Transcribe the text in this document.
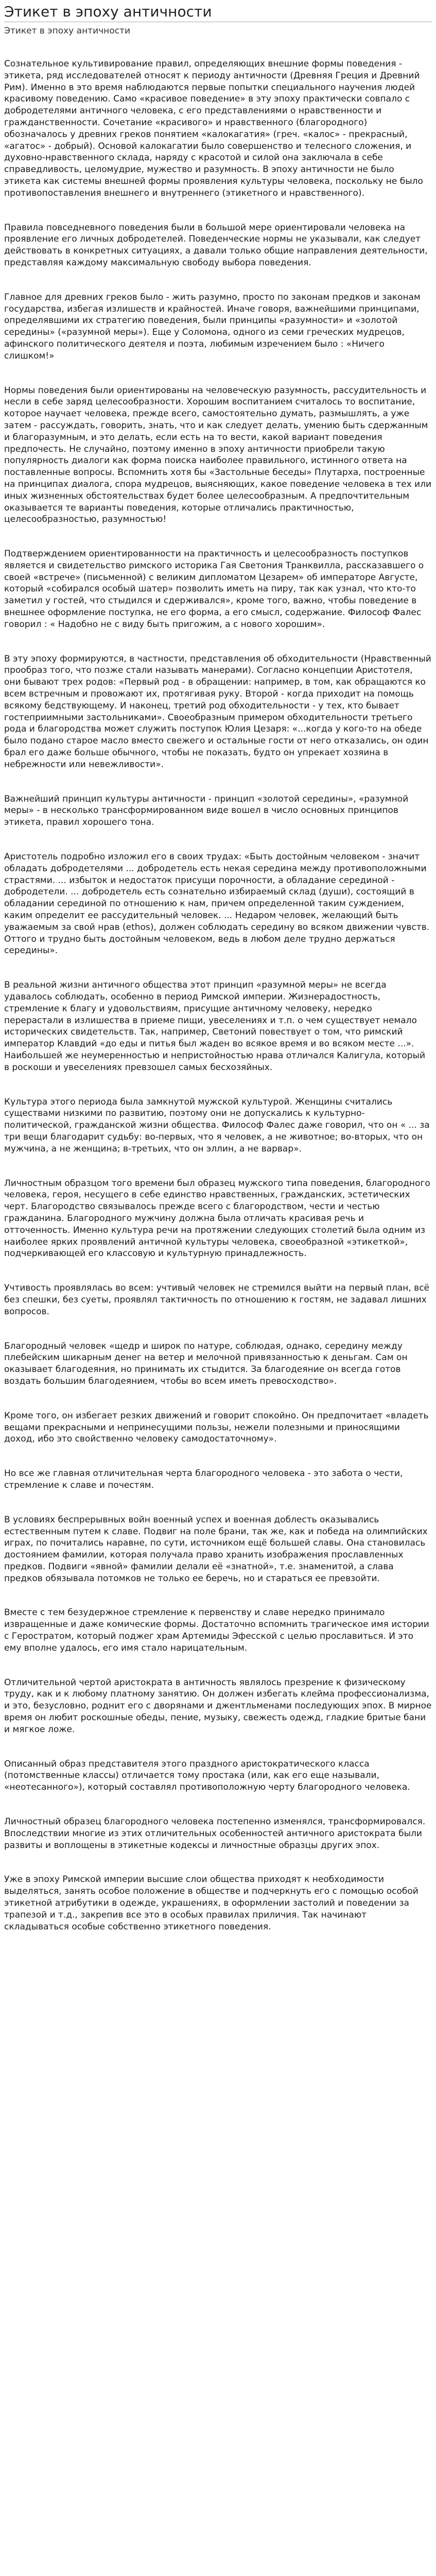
Этикет в эпоху античности
Этикет в эпоху античности

Сознательное культивирование правил, определяющих внешние формы поведения - этикета, ряд исследователей относят к периоду античности (Древняя Греция и Древний Рим). Именно в это время наблюдаются первые попытки специального научения людей красивому поведению. Само «красивое поведение» в эту эпоху практически совпало с добродетелями античного человека, с его представлениями о нравственности и гражданственности. Сочетание «красивого» и нравственного (благородного) обозначалось у древних греков понятием «калокагатия» (греч. «калос» - прекрасный, «агатос» - добрый). Основой калокагатии было совершенство и телесного сложения, и духовно-нравственного склада, наряду с красотой и силой она заключала в себе справедливость, целомудрие, мужество и разумность. В эпоху античности не было этикета как системы внешней формы проявления культуры человека, поскольку не было противопоставления внешнего и внутреннего (этикетного и нравственного).

Правила повседневного поведения были в большой мере ориентировали человека на проявление его личных добродетелей. Поведенческие нормы не указывали, как следует действовать в конкретных ситуациях, а давали только общие направления деятельности, представляя каждому максимальную свободу выбора поведения.

Главное для древних греков было - жить разумно, просто по законам предков и законам государства, избегая излишеств и крайностей. Иначе говоря, важнейшими принципами, определявшими их стратегию поведения, были принципы «разумности» и «золотой середины» («разумной меры»). Еще у Соломона, одного из семи греческих мудрецов, афинского политического деятеля и поэта, любимым изречением было : «Ничего слишком!»

Нормы поведения были ориентированы на человеческую разумность, рассудительность и несли в себе заряд целесообразности. Хорошим воспитанием считалось то воспитание, которое научает человека, прежде всего, самостоятельно думать, размышлять, а уже затем - рассуждать, говорить, знать, что и как следует делать, умению быть сдержанным и благоразумным, и это делать, если есть на то вести, какой вариант поведения предпочесть. Не случайно, поэтому именно в эпоху античности приобрели такую популярность диалоги как форма поиска наиболее правильного, истинного ответа на поставленные вопросы. Вспомнить хотя бы «Застольные беседы» Плутарха, построенные на принципах диалога, спора мудрецов, выясняющих, какое поведение человека в тех или иных жизненных обстоятельствах будет более целесообразным. А предпочтительным оказывается те варианты поведения, которые отличались практичностью, целесообразностью, разумностью!

Подтверждением ориентированности на практичность и целесообразность поступков является и свидетельство римского историка Гая Светония Транквилла, рассказавшего о своей «встрече» (письменной) с великим дипломатом Цезарем» об императоре Августе, который «собирался особый шатер» позволить иметь на пиру, так как узнал, что кто-то заметил у гостей, что стыдился и сдерживался», кроме того, важно, чтобы поведение в внешнее оформление поступка, не его форма, а его смысл, содержание. Философ Фалес говорил : « Надобно не с виду быть пригожим, а с нового хорошим».

В эту эпоху формируются, в частности, представления об обходительности (Нравственный прообраз того, что позже стали называть манерами). Согласно концепции Аристотеля, они бывают трех родов: «Первый род - в обращении: например, в том, как обращаются ко всем встречным и провожают их, протягивая руку. Второй - когда приходит на помощь всякому бедствующему. И наконец, третий род обходительности - у тех, кто бывает гостеприимными застольниками». Своеобразным примером обходительности третьего рода и благородства может служить поступок Юлия Цезаря: «...когда у кого-то на обеде было подано старое масло вместо свежего и остальные гости от него отказались, он один брал его даже больше обычного, чтобы не показать, будто он упрекает хозяина в небрежности или невежливости».

Важнейший принцип культуры античности - принцип «золотой середины», «разумной меры» - в несколько трансформированном виде вошел в число основных принципов этикета, правил хорошего тона.

Аристотель подробно изложил его в своих трудах: «Быть достойным человеком - значит обладать добродетелями ... добродетель есть некая середина между противоположными страстями. ... избыток и недостаток присущи порочности, а обладание серединой - добродетели. ... добродетель есть сознательно избираемый склад (души), состоящий в обладании серединой по отношению к нам, причем определенной таким суждением, каким определит ее рассудительный человек. ... Недаром человек, желающий быть уважаемым за свой нрав (ethos), должен соблюдать середину во всяком движении чувств. Оттого и трудно быть достойным человеком, ведь в любом деле трудно держаться середины».

В реальной жизни античного общества этот принцип «разумной меры» не всегда удавалось соблюдать, особенно в период Римской империи. Жизнерадостность, стремление к благу и удовольствиям, присущие античному человеку, нередко перерастали в излишества в приеме пищи, увеселениях и т.п. о чем существует немало исторических свидетельств. Так, например, Светоний повествует о том, что римский император Клавдий «до еды и питья был жаден во всякое время и во всяком месте ...». Наибольшей же неумеренностью и непристойностью нрава отличался Калигула, который в роскоши и увеселениях превзошел самых бесхозяйных.

Культура этого периода была замкнутой мужской культурой. Женщины считались существами низкими по развитию, поэтому они не допускались к культурно-политической, гражданской жизни общества. Философ Фалес даже говорил, что он « ... за три вещи благодарит судьбу: во-первых, что я человек, а не животное; во-вторых, что он мужчина, а не женщина; в-третьих, что он эллин, а не варвар».

Личностным образцом того времени был образец мужского типа поведения, благородного человека, героя, несущего в себе единство нравственных, гражданских, эстетических черт. Благородство связывалось прежде всего с благородством, чести и честью гражданина. Благородного мужчину должна была отличать красивая речь и отточенность. Именно культура речи на протяжении следующих столетий была одним из наиболее ярких проявлений античной культуры человека, своеобразной «этикеткой», подчеркивающей его классовую и культурную принадлежность.

Учтивость проявлялась во всем: учтивый человек не стремился выйти на первый план, всё без спешки, без суеты, проявлял тактичность по отношению к гостям, не задавал лишних вопросов.

Благородный человек «щедр и широк по натуре, соблюдая, однако, середину между плебейским шикарным денег на ветер и мелочной привязанностью к деньгам. Сам он оказывает благодеяния, но принимать их стыдится. За благодеяние он всегда готов воздать большим благодеянием, чтобы во всем иметь превосходство».

Кроме того, он избегает резких движений и говорит спокойно. Он предпочитает «владеть вещами прекрасными и непринесущими пользы, нежели полезными и приносящими доход, ибо это свойственно человеку самодостаточному».

Но все же главная отличительная черта благородного человека - это забота о чести, стремление к славе и почестям.

В условиях беспрерывных войн военный успех и военная доблесть оказывались естественным путем к славе. Подвиг на поле брани, так же, как и победа на олимпийских играх, по почитались наравне, по сути, источником ещё большей славы. Она становилась достоянием фамилии, которая получала право хранить изображения прославленных предков. Подвиги «явной» фамилии делали её «знатной», т.е. знаменитой, а слава предков обязывала потомков не только ее беречь, но и стараться ее превзойти.

Вместе с тем безудержное стремление к первенству и славе нередко принимало извращенные и даже комические формы. Достаточно вспомнить трагическое имя истории с Геростратом, который поджег храм Артемиды Эфесской с целью прославиться. И это ему вполне удалось, его имя стало нарицательным.

Отличительной чертой аристократа в античность являлось презрение к физическому труду, как и к любому платному занятию. Он должен избегать клейма профессионализма, и это, безусловно, роднит его с дворянами и джентльменами последующих эпох. В мирное время он любит роскошные обеды, пение, музыку, свежесть одежд, гладкие бритые бани и мягкое ложе.

Описанный образ представителя этого праздного аристократического класса (потомственные классы) отличается тому простака (или, как его еще называли, «неотесанного»), который составлял противоположную черту благородного человека.

Личностный образец благородного человека постепенно изменялся, трансформировался. Впоследствии многие из этих отличительных особенностей античного аристократа были развиты и воплощены в этикетные кодексы и личностные образцы других эпох.

Уже в эпоху Римской империи высшие слои общества приходят к необходимости выделяться, занять особое положение в обществе и подчеркнуть его с помощью особой этикетной атрибутики в одежде, украшениях, в оформлении застолий и поведении за трапезой и т.д., закрепив все это в особых правилах приличия. Так начинают складываться особые собственно этикетного поведения.
